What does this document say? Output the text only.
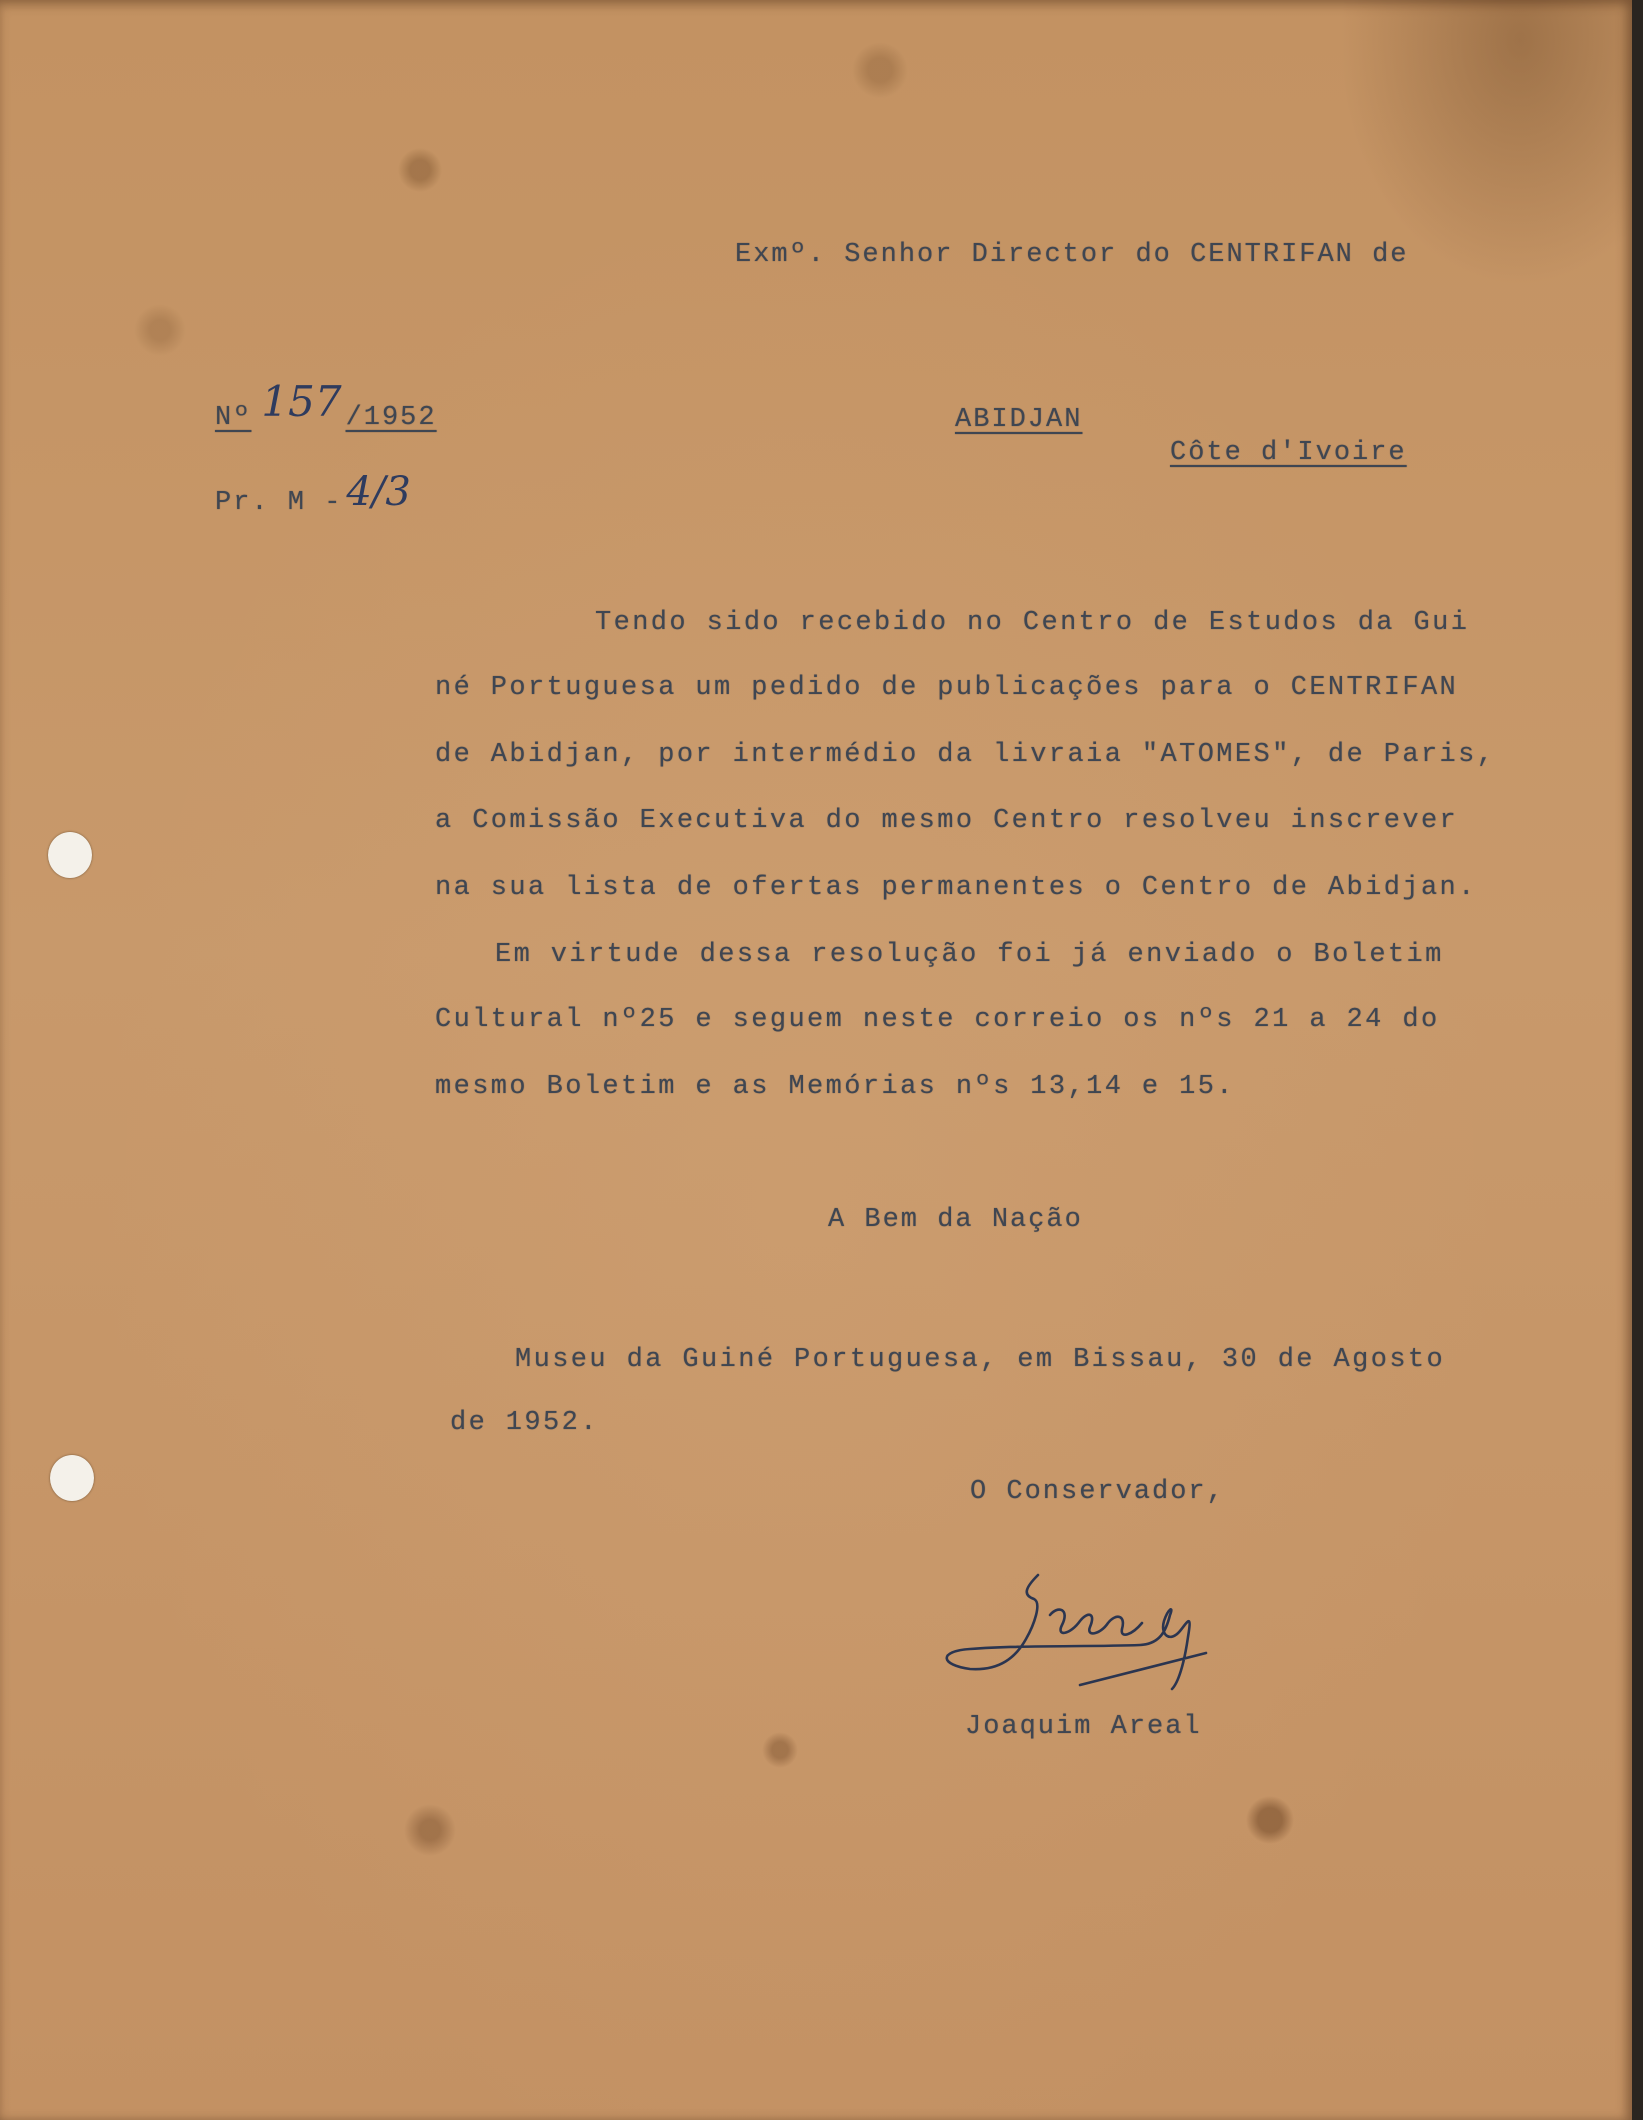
Exmº. Senhor Director do CENTRIFAN de
Nº 157 /1952
Pr. M - 4/3
ABIDJAN
Côte d'Ivoire
Tendo sido recebido no Centro de Estudos da Gui
né Portuguesa um pedido de publicações para o CENTRIFAN
de Abidjan, por intermédio da livraia "ATOMES", de Paris,
a Comissão Executiva do mesmo Centro resolveu inscrever
na sua lista de ofertas permanentes o Centro de Abidjan.
Em virtude dessa resolução foi já enviado o Boletim
Cultural nº25 e seguem neste correio os nºs 21 a 24 do
mesmo Boletim e as Memórias nºs 13,14 e 15.
A Bem da Nação
Museu da Guiné Portuguesa, em Bissau, 30 de Agosto
de 1952.
O Conservador,
Joaquim Areal
